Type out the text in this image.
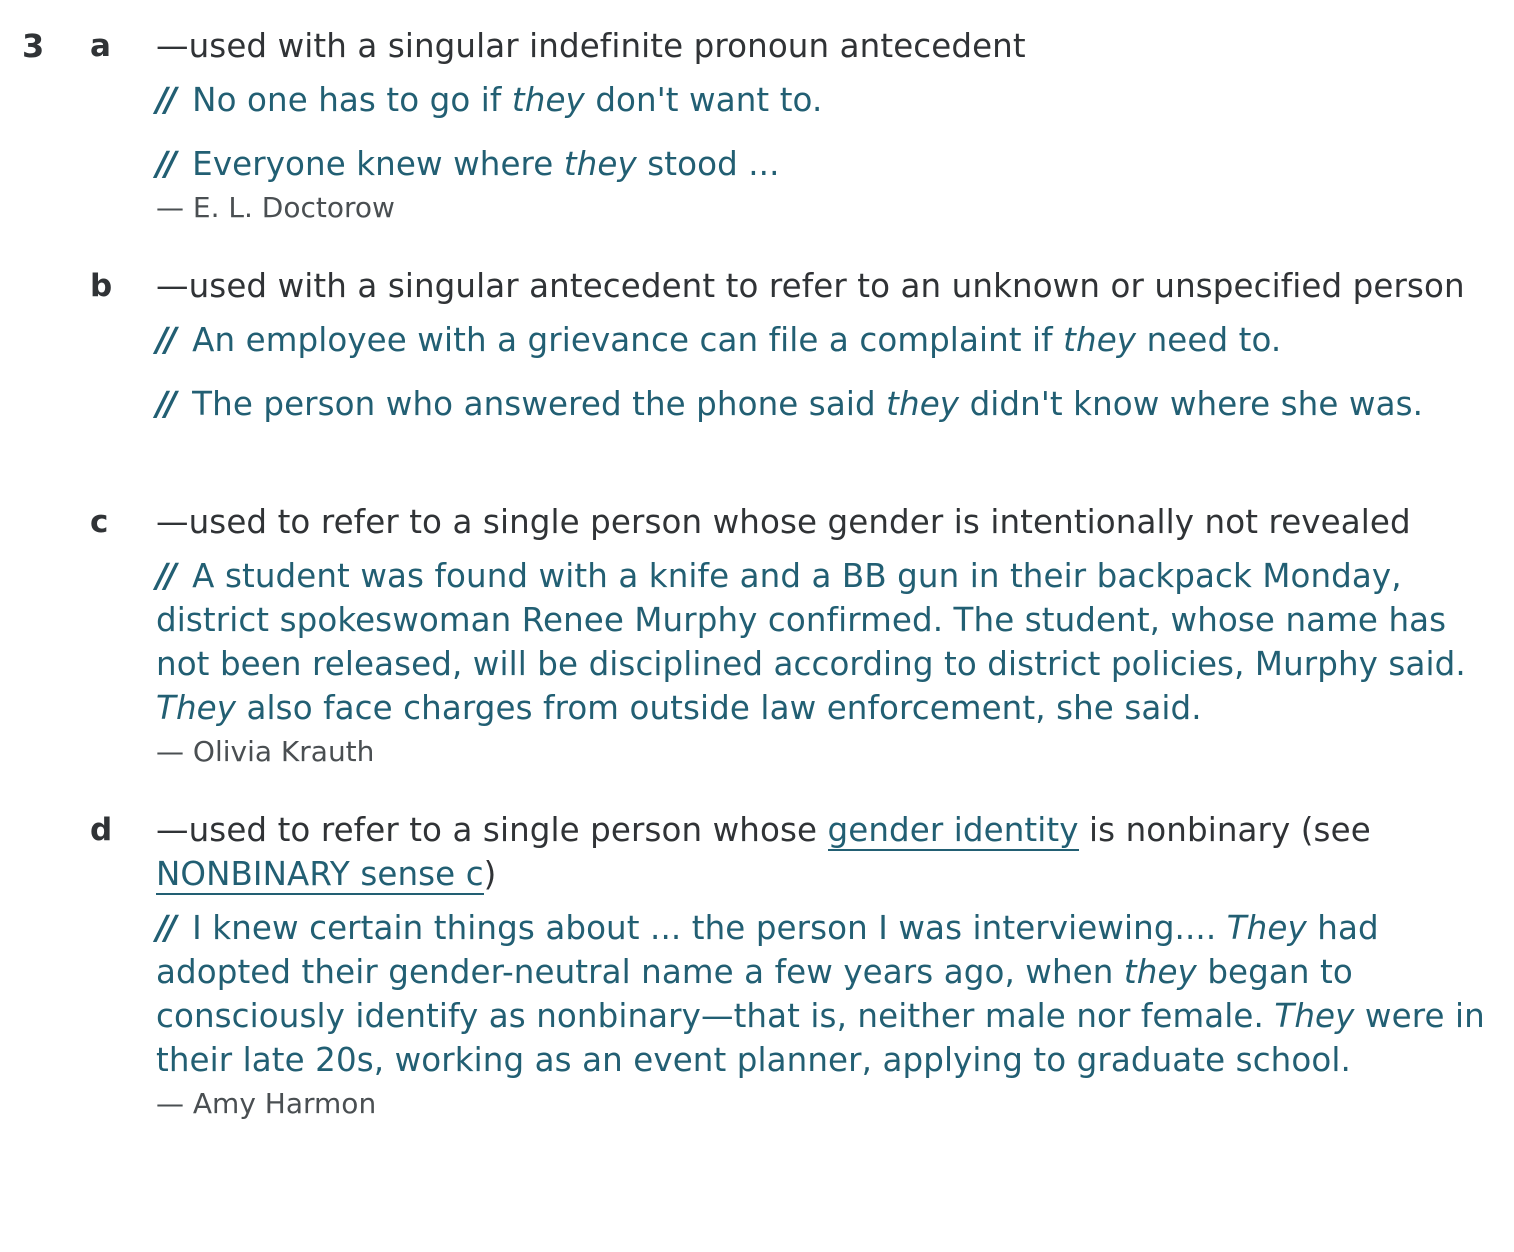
3 a —used with a singular indefinite pronoun antecedent

// No one has to go if they don't want to.

// Everyone knew where they stood ...

— E. L. Doctorow

b —used with a singular antecedent to refer to an unknown or unspecified person

// An employee with a grievance can file a complaint if they need to.

// The person who answered the phone said they didn't know where she was.

c —used to refer to a single person whose gender is intentionally not revealed

// A student was found with a knife and a BB gun in their backpack Monday, district spokeswoman Renee Murphy confirmed. The student, whose name has not been released, will be disciplined according to district policies, Murphy said. They also face charges from outside law enforcement, she said.

— Olivia Krauth

d —used to refer to a single person whose gender identity is nonbinary (see NONBINARY sense c)

// I knew certain things about ... the person I was interviewing.... They had adopted their gender-neutral name a few years ago, when they began to consciously identify as nonbinary—that is, neither male nor female. They were in their late 20s, working as an event planner, applying to graduate school.

— Amy Harmon
